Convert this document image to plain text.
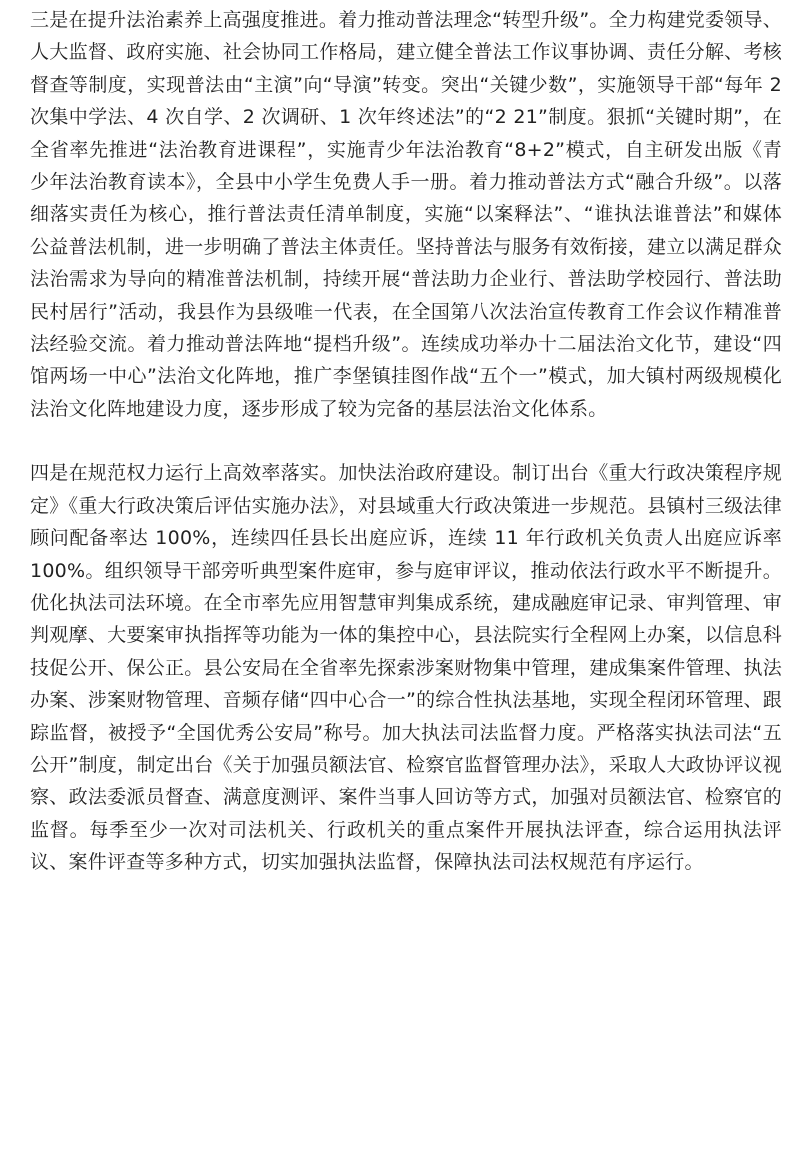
三是在提升法治素养上高强度推进。着力推动普法理念“转型升级”。全力构建党委领导、人大监督、政府实施、社会协同工作格局，建立健全普法工作议事协调、责任分解、考核督查等制度，实现普法由“主演”向“导演”转变。突出“关键少数”，实施领导干部“每年 2 次集中学法、4 次自学、2 次调研、1 次年终述法”的“2 21”制度。狠抓“关键时期”，在全省率先推进“法治教育进课程”，实施青少年法治教育“8+2”模式，自主研发出版《青少年法治教育读本》，全县中小学生免费人手一册。着力推动普法方式“融合升级”。以落细落实责任为核心，推行普法责任清单制度，实施“以案释法”、“谁执法谁普法”和媒体公益普法机制，进一步明确了普法主体责任。坚持普法与服务有效衔接，建立以满足群众法治需求为导向的精准普法机制，持续开展“普法助力企业行、普法助学校园行、普法助民村居行”活动，我县作为县级唯一代表，在全国第八次法治宣传教育工作会议作精准普法经验交流。着力推动普法阵地“提档升级”。连续成功举办十二届法治文化节，建设“四馆两场一中心”法治文化阵地，推广李堡镇挂图作战“五个一”模式，加大镇村两级规模化法治文化阵地建设力度，逐步形成了较为完备的基层法治文化体系。

四是在规范权力运行上高效率落实。加快法治政府建设。制订出台《重大行政决策程序规定》《重大行政决策后评估实施办法》，对县域重大行政决策进一步规范。县镇村三级法律顾问配备率达 100%，连续四任县长出庭应诉，连续 11 年行政机关负责人出庭应诉率 100%。组织领导干部旁听典型案件庭审，参与庭审评议，推动依法行政水平不断提升。优化执法司法环境。在全市率先应用智慧审判集成系统，建成融庭审记录、审判管理、审判观摩、大要案审执指挥等功能为一体的集控中心，县法院实行全程网上办案，以信息科技促公开、保公正。县公安局在全省率先探索涉案财物集中管理，建成集案件管理、执法办案、涉案财物管理、音频存储“四中心合一”的综合性执法基地，实现全程闭环管理、跟踪监督，被授予“全国优秀公安局”称号。加大执法司法监督力度。严格落实执法司法“五公开”制度，制定出台《关于加强员额法官、检察官监督管理办法》，采取人大政协评议视察、政法委派员督查、满意度测评、案件当事人回访等方式，加强对员额法官、检察官的监督。每季至少一次对司法机关、行政机关的重点案件开展执法评查，综合运用执法评议、案件评查等多种方式，切实加强执法监督，保障执法司法权规范有序运行。
